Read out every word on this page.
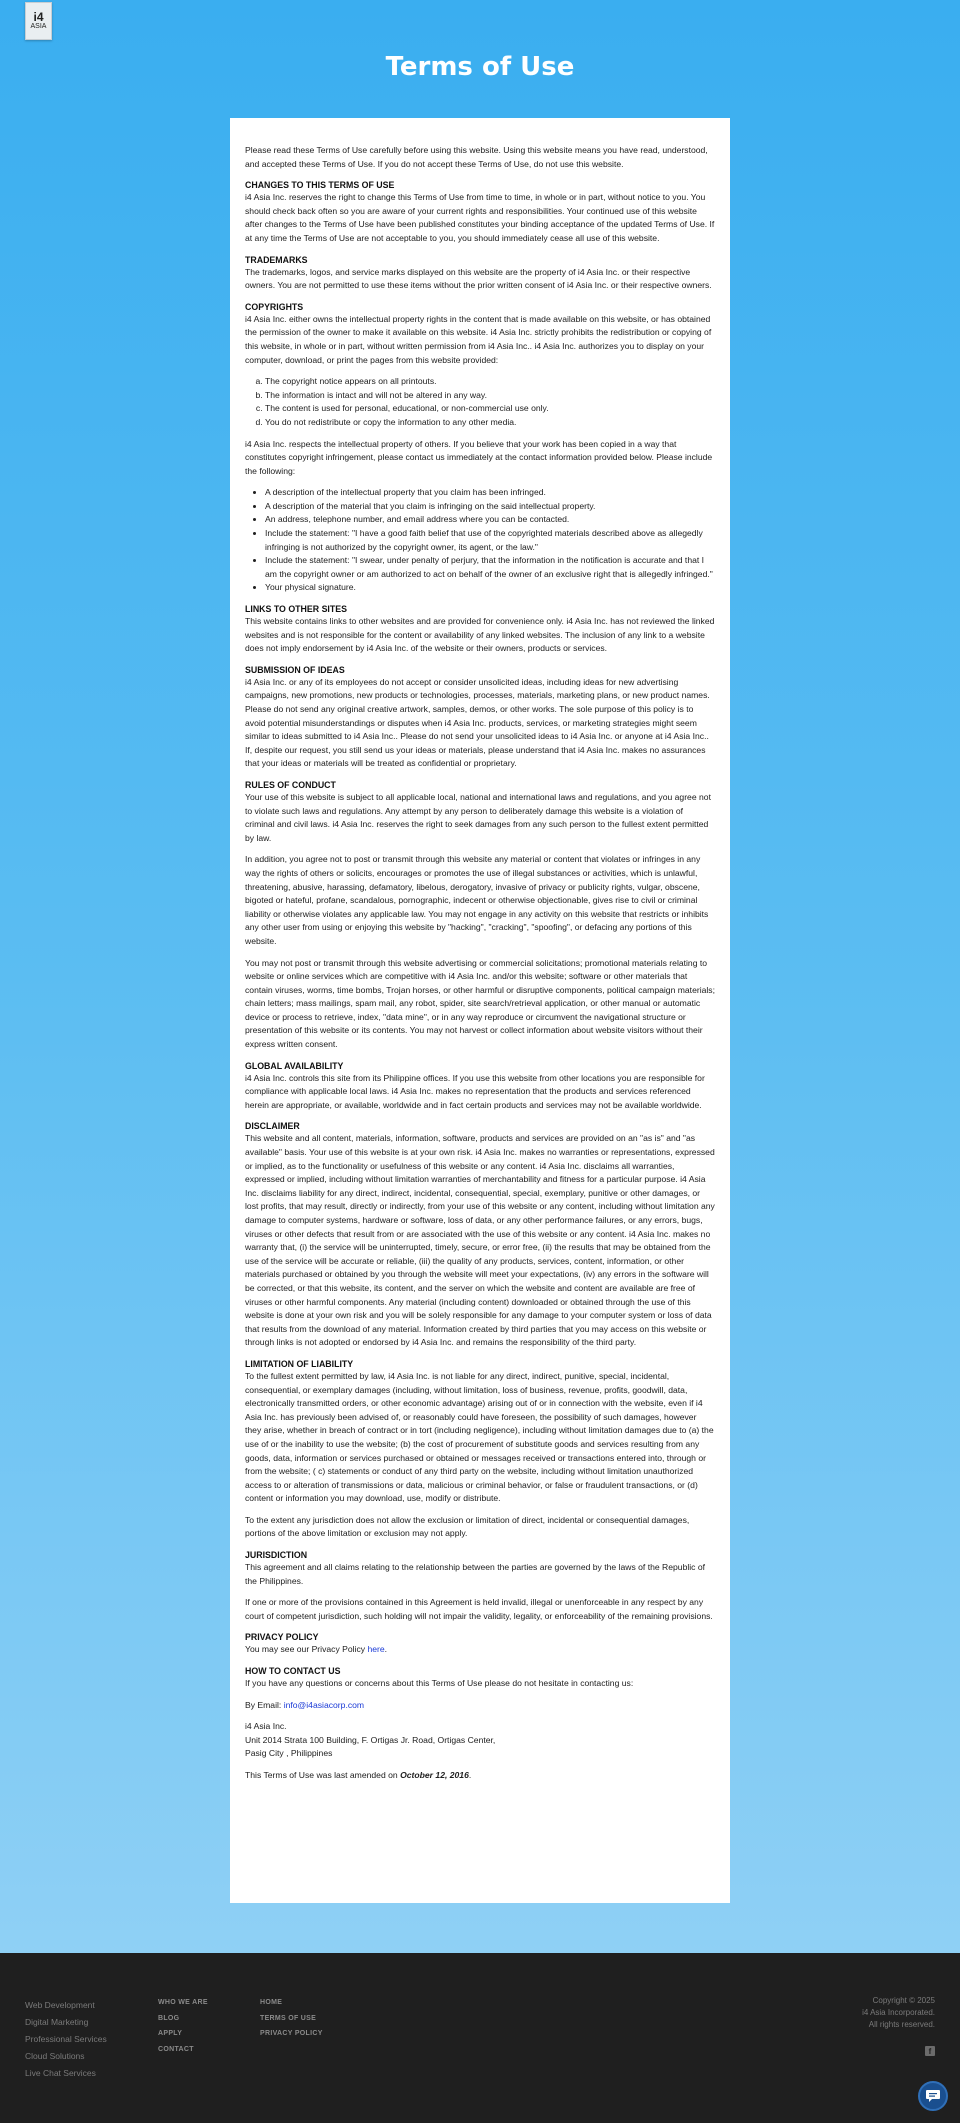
i4
ASIA
Terms of Use

Please read these Terms of Use carefully before using this website. Using this website means you have read, understood, and accepted these Terms of Use. If you do not accept these Terms of Use, do not use this website.

CHANGES TO THIS TERMS OF USE

i4 Asia Inc. reserves the right to change this Terms of Use from time to time, in whole or in part, without notice to you. You should check back often so you are aware of your current rights and responsibilities. Your continued use of this website after changes to the Terms of Use have been published constitutes your binding acceptance of the updated Terms of Use. If at any time the Terms of Use are not acceptable to you, you should immediately cease all use of this website.

TRADEMARKS

The trademarks, logos, and service marks displayed on this website are the property of i4 Asia Inc. or their respective owners. You are not permitted to use these items without the prior written consent of i4 Asia Inc. or their respective owners.

COPYRIGHTS

i4 Asia Inc. either owns the intellectual property rights in the content that is made available on this website, or has obtained the permission of the owner to make it available on this website. i4 Asia Inc. strictly prohibits the redistribution or copying of this website, in whole or in part, without written permission from i4 Asia Inc.. i4 Asia Inc. authorizes you to display on your computer, download, or print the pages from this website provided:

a. The copyright notice appears on all printouts.
b. The information is intact and will not be altered in any way.
c. The content is used for personal, educational, or non-commercial use only.
d. You do not redistribute or copy the information to any other media.

i4 Asia Inc. respects the intellectual property of others. If you believe that your work has been copied in a way that constitutes copyright infringement, please contact us immediately at the contact information provided below. Please include the following:

• A description of the intellectual property that you claim has been infringed.
• A description of the material that you claim is infringing on the said intellectual property.
• An address, telephone number, and email address where you can be contacted.
• Include the statement: "I have a good faith belief that use of the copyrighted materials described above as allegedly infringing is not authorized by the copyright owner, its agent, or the law."
• Include the statement: "I swear, under penalty of perjury, that the information in the notification is accurate and that I am the copyright owner or am authorized to act on behalf of the owner of an exclusive right that is allegedly infringed."
• Your physical signature.
LINKS TO OTHER SITES

This website contains links to other websites and are provided for convenience only. i4 Asia Inc. has not reviewed the linked websites and is not responsible for the content or availability of any linked websites. The inclusion of any link to a website does not imply endorsement by i4 Asia Inc. of the website or their owners, products or services.

SUBMISSION OF IDEAS

i4 Asia Inc. or any of its employees do not accept or consider unsolicited ideas, including ideas for new advertising campaigns, new promotions, new products or technologies, processes, materials, marketing plans, or new product names. Please do not send any original creative artwork, samples, demos, or other works. The sole purpose of this policy is to avoid potential misunderstandings or disputes when i4 Asia Inc. products, services, or marketing strategies might seem similar to ideas submitted to i4 Asia Inc.. Please do not send your unsolicited ideas to i4 Asia Inc. or anyone at i4 Asia Inc.. If, despite our request, you still send us your ideas or materials, please understand that i4 Asia Inc. makes no assurances that your ideas or materials will be treated as confidential or proprietary.

RULES OF CONDUCT

Your use of this website is subject to all applicable local, national and international laws and regulations, and you agree not to violate such laws and regulations. Any attempt by any person to deliberately damage this website is a violation of criminal and civil laws. i4 Asia Inc. reserves the right to seek damages from any such person to the fullest extent permitted by law.

In addition, you agree not to post or transmit through this website any material or content that violates or infringes in any way the rights of others or solicits, encourages or promotes the use of illegal substances or activities, which is unlawful, threatening, abusive, harassing, defamatory, libelous, derogatory, invasive of privacy or publicity rights, vulgar, obscene, bigoted or hateful, profane, scandalous, pornographic, indecent or otherwise objectionable, gives rise to civil or criminal liability or otherwise violates any applicable law. You may not engage in any activity on this website that restricts or inhibits any other user from using or enjoying this website by "hacking", "cracking", "spoofing", or defacing any portions of this website.

You may not post or transmit through this website advertising or commercial solicitations; promotional materials relating to website or online services which are competitive with i4 Asia Inc. and/or this website; software or other materials that contain viruses, worms, time bombs, Trojan horses, or other harmful or disruptive components, political campaign materials; chain letters; mass mailings, spam mail, any robot, spider, site search/retrieval application, or other manual or automatic device or process to retrieve, index, "data mine", or in any way reproduce or circumvent the navigational structure or presentation of this website or its contents. You may not harvest or collect information about website visitors without their express written consent.

GLOBAL AVAILABILITY

i4 Asia Inc. controls this site from its Philippine offices. If you use this website from other locations you are responsible for compliance with applicable local laws. i4 Asia Inc. makes no representation that the products and services referenced herein are appropriate, or available, worldwide and in fact certain products and services may not be available worldwide.

DISCLAIMER

This website and all content, materials, information, software, products and services are provided on an "as is" and "as available" basis. Your use of this website is at your own risk. i4 Asia Inc. makes no warranties or representations, expressed or implied, as to the functionality or usefulness of this website or any content. i4 Asia Inc. disclaims all warranties, expressed or implied, including without limitation warranties of merchantability and fitness for a particular purpose. i4 Asia Inc. disclaims liability for any direct, indirect, incidental, consequential, special, exemplary, punitive or other damages, or lost profits, that may result, directly or indirectly, from your use of this website or any content, including without limitation any damage to computer systems, hardware or software, loss of data, or any other performance failures, or any errors, bugs, viruses or other defects that result from or are associated with the use of this website or any content. i4 Asia Inc. makes no warranty that, (i) the service will be uninterrupted, timely, secure, or error free, (ii) the results that may be obtained from the use of the service will be accurate or reliable, (iii) the quality of any products, services, content, information, or other materials purchased or obtained by you through the website will meet your expectations, (iv) any errors in the software will be corrected, or that this website, its content, and the server on which the website and content are available are free of viruses or other harmful components. Any material (including content) downloaded or obtained through the use of this website is done at your own risk and you will be solely responsible for any damage to your computer system or loss of data that results from the download of any material. Information created by third parties that you may access on this website or through links is not adopted or endorsed by i4 Asia Inc. and remains the responsibility of the third party.

LIMITATION OF LIABILITY

To the fullest extent permitted by law, i4 Asia Inc. is not liable for any direct, indirect, punitive, special, incidental, consequential, or exemplary damages (including, without limitation, loss of business, revenue, profits, goodwill, data, electronically transmitted orders, or other economic advantage) arising out of or in connection with the website, even if i4 Asia Inc. has previously been advised of, or reasonably could have foreseen, the possibility of such damages, however they arise, whether in breach of contract or in tort (including negligence), including without limitation damages due to (a) the use of or the inability to use the website; (b) the cost of procurement of substitute goods and services resulting from any goods, data, information or services purchased or obtained or messages received or transactions entered into, through or from the website; ( c) statements or conduct of any third party on the website, including without limitation unauthorized access to or alteration of transmissions or data, malicious or criminal behavior, or false or fraudulent transactions, or (d) content or information you may download, use, modify or distribute.

To the extent any jurisdiction does not allow the exclusion or limitation of direct, incidental or consequential damages, portions of the above limitation or exclusion may not apply.

JURISDICTION

This agreement and all claims relating to the relationship between the parties are governed by the laws of the Republic of the Philippines.

If one or more of the provisions contained in this Agreement is held invalid, illegal or unenforceable in any respect by any court of competent jurisdiction, such holding will not impair the validity, legality, or enforceability of the remaining provisions.

PRIVACY POLICY

You may see our Privacy Policy here.

HOW TO CONTACT US

If you have any questions or concerns about this Terms of Use please do not hesitate in contacting us:

By Email: info@i4asiacorp.com

i4 Asia Inc.
Unit 2014 Strata 100 Building, F. Ortigas Jr. Road, Ortigas Center,
Pasig City , Philippines

This Terms of Use was last amended on October 12, 2016.

Web Development
Digital Marketing
Professional Services
Cloud Solutions
Live Chat Services
WHO WE ARE
BLOG
APPLY
CONTACT
HOME
TERMS OF USE
PRIVACY POLICY
Copyright © 2025
i4 Asia Incorporated.
All rights reserved.
f
